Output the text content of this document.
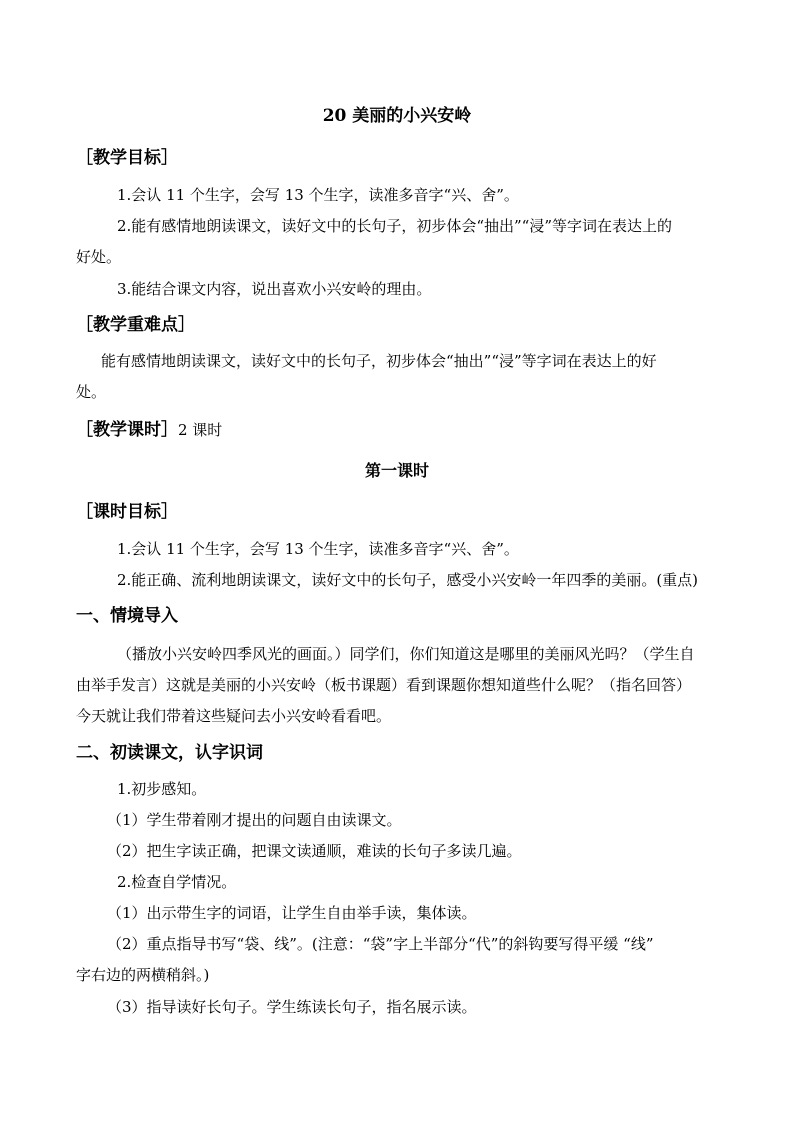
20 美丽的小兴安岭
［教学目标］
1.会认 11 个生字，会写 13 个生字，读准多音字“兴、舍”。
2.能有感情地朗读课文，读好文中的长句子，初步体会“抽出”“浸”等字词在表达上的
好处。
3.能结合课文内容，说出喜欢小兴安岭的理由。
［教学重难点］
能有感情地朗读课文，读好文中的长句子，初步体会“抽出”“浸”等字词在表达上的好
处。
［教学课时］2 课时
第一课时
［课时目标］
1.会认 11 个生字，会写 13 个生字，读准多音字“兴、舍”。
2.能正确、流利地朗读课文，读好文中的长句子，感受小兴安岭一年四季的美丽。(重点)
一、情境导入
（播放小兴安岭四季风光的画面。）同学们，你们知道这是哪里的美丽风光吗？（学生自
由举手发言）这就是美丽的小兴安岭（板书课题）看到课题你想知道些什么呢？（指名回答）
今天就让我们带着这些疑问去小兴安岭看看吧。
二、初读课文，认字识词
1.初步感知。
（1）学生带着刚才提出的问题自由读课文。
（2）把生字读正确，把课文读通顺，难读的长句子多读几遍。
2.检查自学情况。
（1）出示带生字的词语，让学生自由举手读，集体读。
（2）重点指导书写“袋、线”。(注意：“袋”字上半部分“代”的斜钩要写得平缓 “线”
字右边的两横稍斜。)
（3）指导读好长句子。学生练读长句子，指名展示读。
